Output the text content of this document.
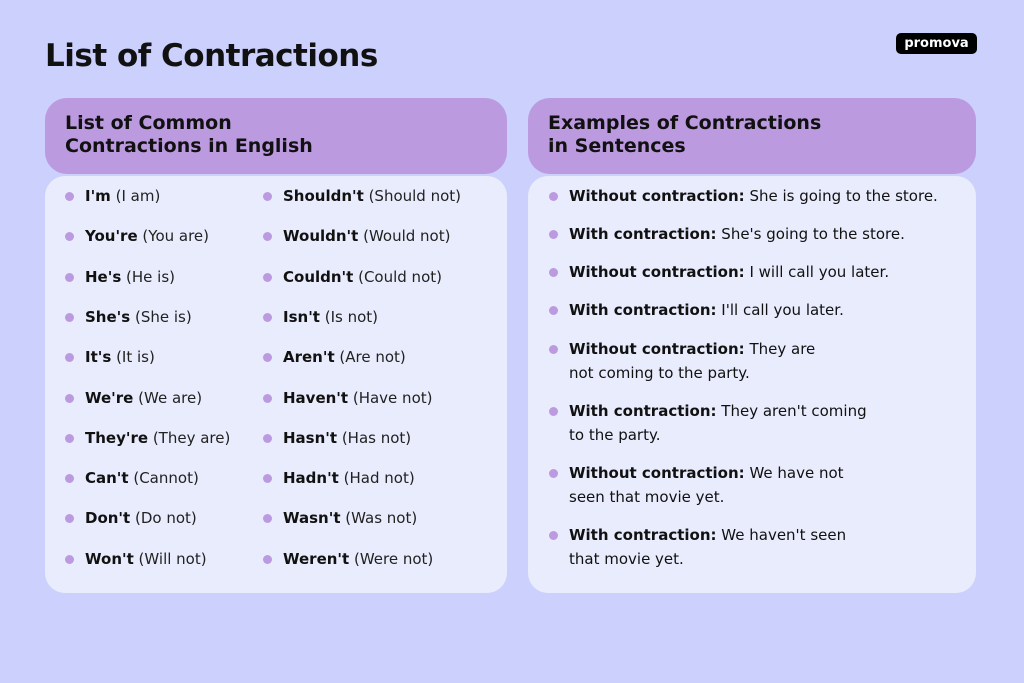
List of Contractions	promova
List of Common
Contractions in English
I'm (I am)
You're (You are)
He's (He is)
She's (She is)
It's (It is)
We're (We are)
They're (They are)
Can't (Cannot)
Don't (Do not)
Won't (Will not)
Shouldn't (Should not)
Wouldn't (Would not)
Couldn't (Could not)
Isn't (Is not)
Aren't (Are not)
Haven't (Have not)
Hasn't (Has not)
Hadn't (Had not)
Wasn't (Was not)
Weren't (Were not)
Examples of Contractions
in Sentences
Without contraction: She is going to the store.

With contraction: She's going to the store.

Without contraction: I will call you later.

With contraction: I'll call you later.

Without contraction: They are
not coming to the party.
With contraction: They aren't coming
to the party.
Without contraction: We have not
seen that movie yet.
With contraction: We haven't seen
that movie yet.
